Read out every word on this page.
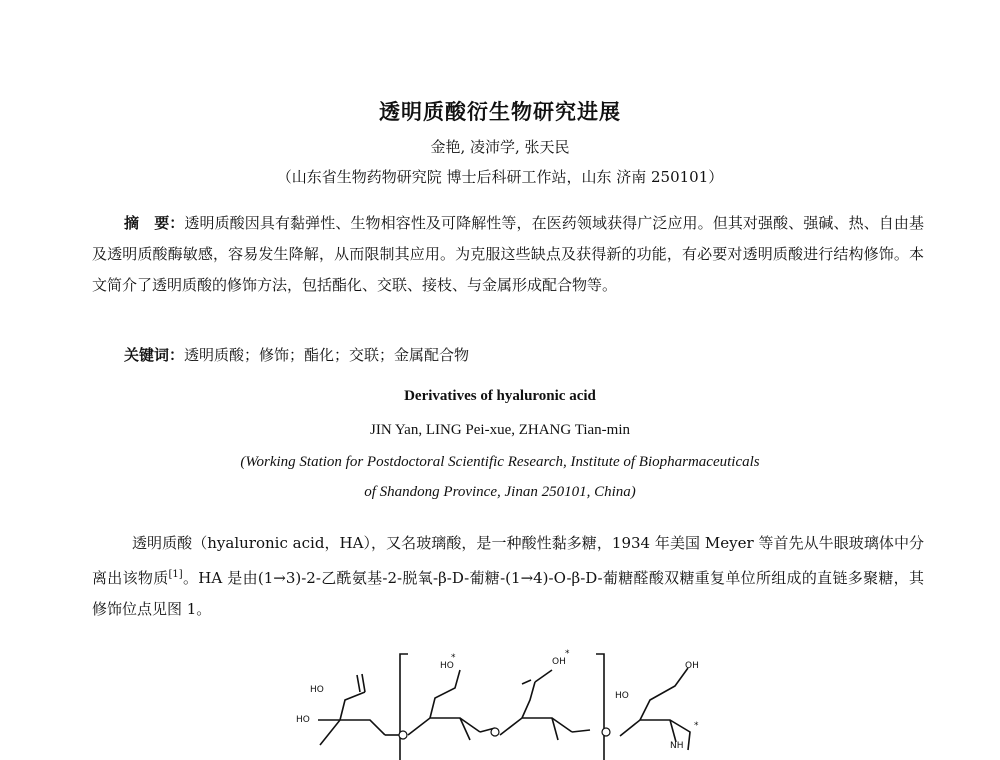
透明质酸衍生物研究进展
金艳, 凌沛学, 张天民
（山东省生物药物研究院 博士后科研工作站，山东 济南 250101）
摘　要：透明质酸因具有黏弹性、生物相容性及可降解性等，在医药领域获得广泛应用。但其对强酸、强碱、热、自由基及透明质酸酶敏感，容易发生降解，从而限制其应用。为克服这些缺点及获得新的功能，有必要对透明质酸进行结构修饰。本文简介了透明质酸的修饰方法，包括酯化、交联、接枝、与金属形成配合物等。
关键词：透明质酸；修饰；酯化；交联；金属配合物
Derivatives of hyaluronic acid
JIN Yan, LING Pei-xue, ZHANG Tian-min
(Working Station for Postdoctoral Scientific Research, Institute of Biopharmaceuticals
of Shandong Province, Jinan 250101, China)
透明质酸（hyaluronic acid，HA），又名玻璃酸，是一种酸性黏多糖，1934 年美国 Meyer 等首先从牛眼玻璃体中分离出该物质[1]。HA 是由(1→3)-2-乙酰氨基-2-脱氧-β-D-葡糖-(1→4)-O-β-D-葡糖醛酸双糖重复单位所组成的直链多聚糖，其修饰位点见图 1。
HO
HO
HO
HO
OH
NH
OH
*	*
*
